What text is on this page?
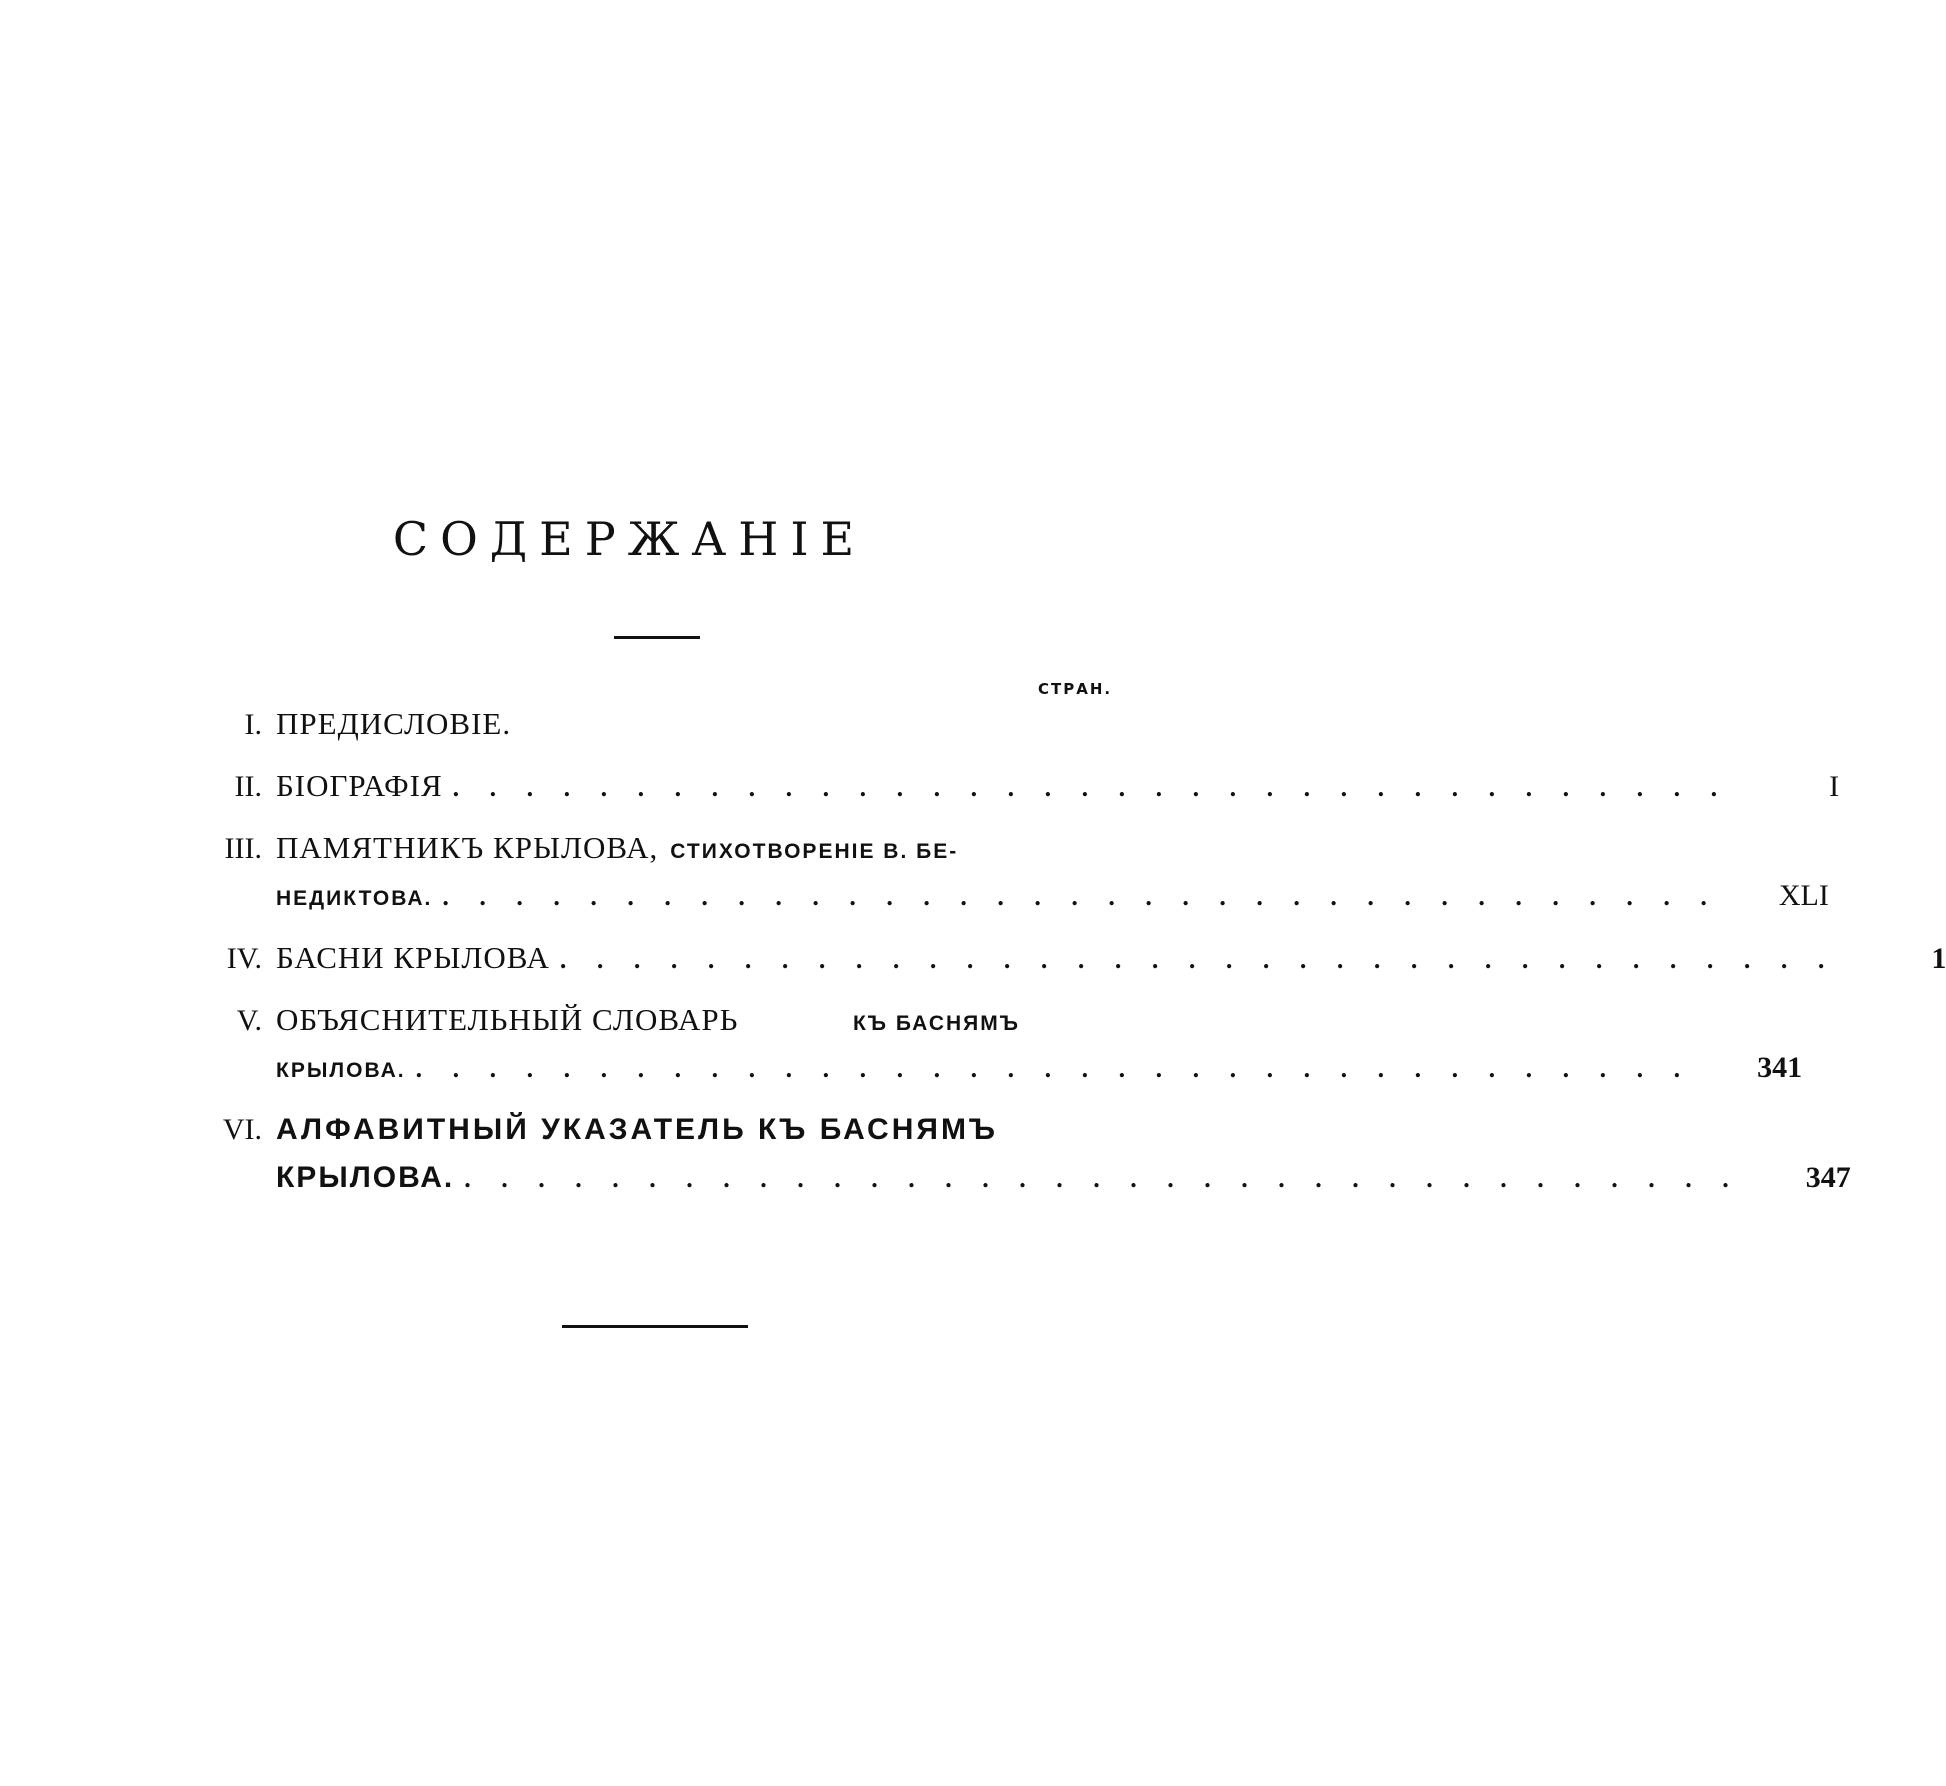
СОДЕРЖАНІЕ
СТРАН.
I. ПРЕДИСЛОВІЕ.
II. БІОГРАФІЯ . . . . . . . . . . . . . . . . . . . . . . . . . . . . . . . . . . .	I
III. ПАМЯТНИКЪ КРЫЛОВА, СТИХОТВОРЕНІЕ В. БЕ-
НЕДИКТОВА. . . . . . . . . . . . . . . . . . . . . . . . . . . . . . . . . . . .	XLI
IV. БАСНИ КРЫЛОВА . . . . . . . . . . . . . . . . . . . . . . . . . . . . . . . . . . .	1
V. ОБЪЯСНИТЕЛЬНЫЙ СЛОВАРЬ	КЪ БАСНЯМЪ
КРЫЛОВА. . . . . . . . . . . . . . . . . . . . . . . . . . . . . . . . . . . .	341
VI. АЛФАВИТНЫЙ УКАЗАТЕЛЬ КЪ БАСНЯМЪ
КРЫЛОВА. . . . . . . . . . . . . . . . . . . . . . . . . . . . . . . . . . . .	347
